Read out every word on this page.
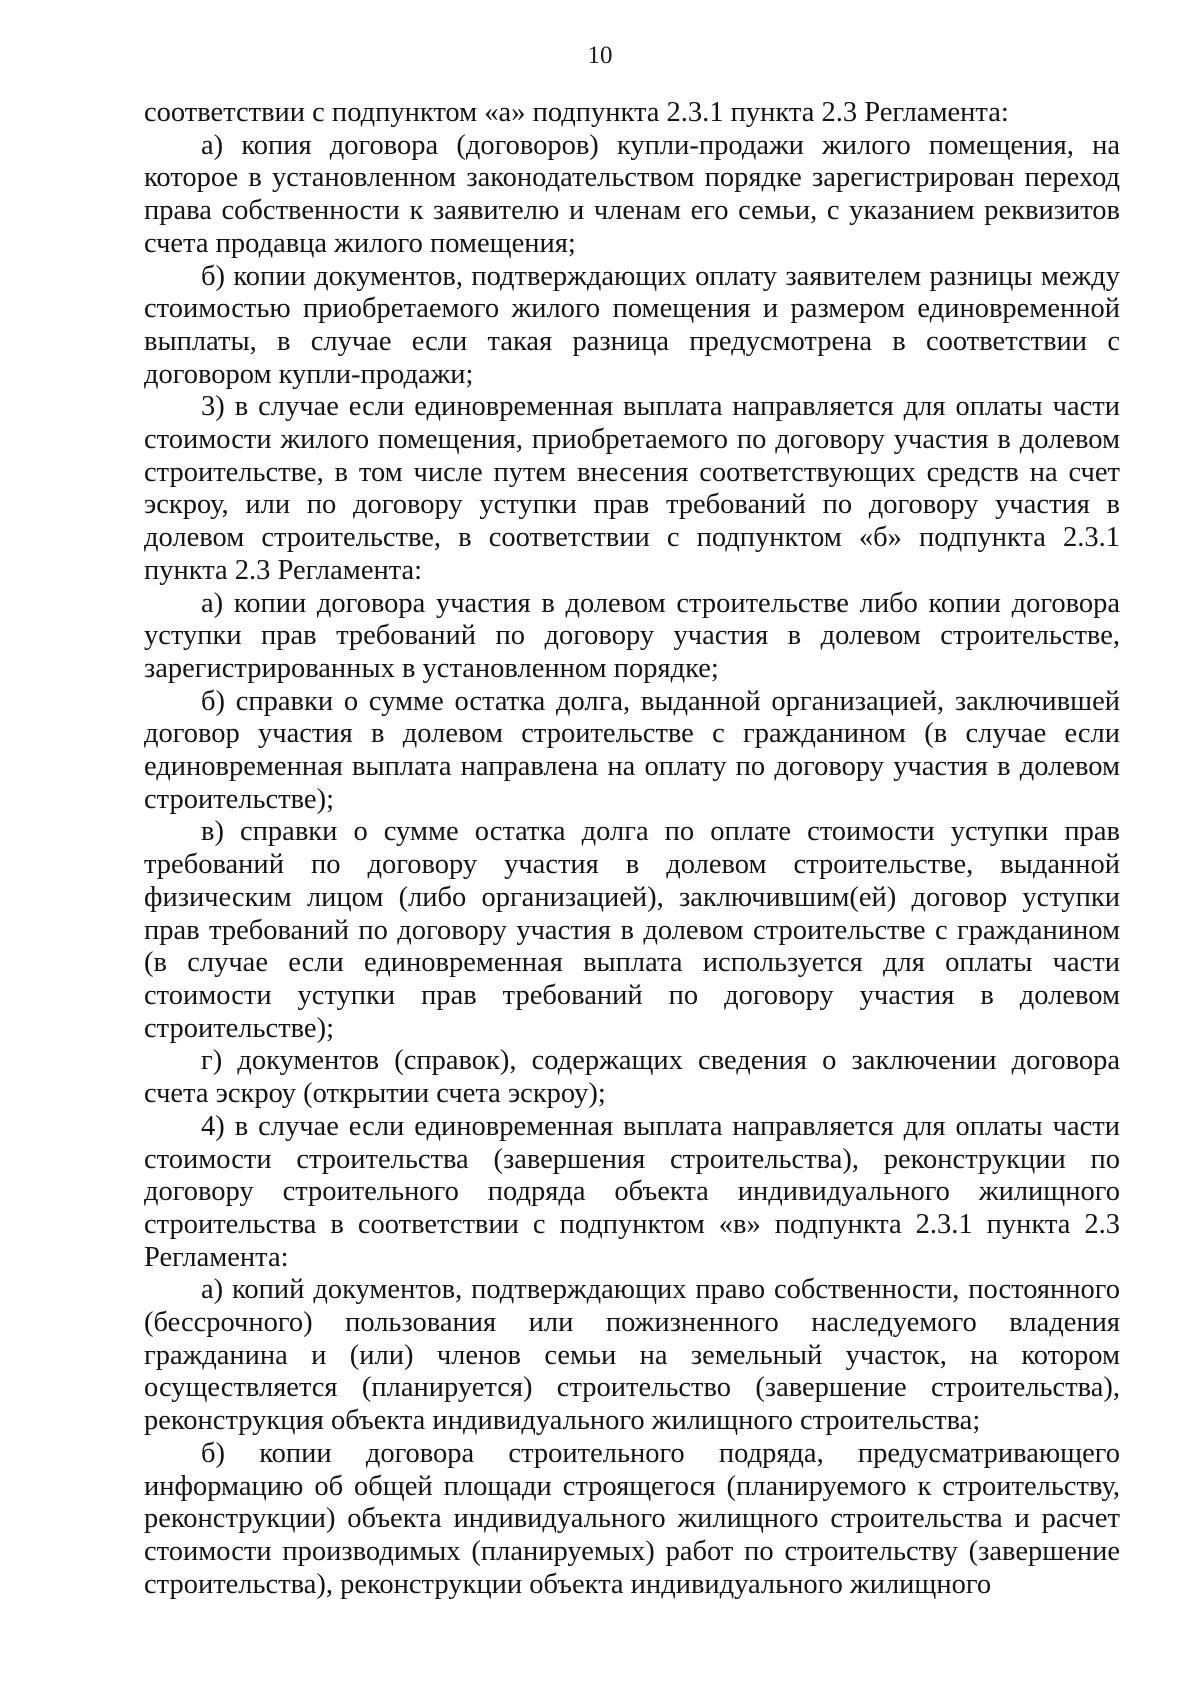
10

соответствии с подпунктом «а» подпункта 2.3.1 пункта 2.3 Регламента:

а) копия договора (договоров) купли-продажи жилого помещения, на которое в установленном законодательством порядке зарегистрирован переход права собственности к заявителю и членам его семьи, с указанием реквизитов счета продавца жилого помещения;

б) копии документов, подтверждающих оплату заявителем разницы между стоимостью приобретаемого жилого помещения и размером единовременной выплаты, в случае если такая разница предусмотрена в соответствии с договором купли-продажи;

3) в случае если единовременная выплата направляется для оплаты части стоимости жилого помещения, приобретаемого по договору участия в долевом строительстве, в том числе путем внесения соответствующих средств на счет эскроу, или по договору уступки прав требований по договору участия в долевом строительстве, в соответствии с подпунктом «б» подпункта 2.3.1 пункта 2.3 Регламента:

а) копии договора участия в долевом строительстве либо копии договора уступки прав требований по договору участия в долевом строительстве, зарегистрированных в установленном порядке;

б) справки о сумме остатка долга, выданной организацией, заключившей договор участия в долевом строительстве с гражданином (в случае если единовременная выплата направлена на оплату по договору участия в долевом строительстве);

в) справки о сумме остатка долга по оплате стоимости уступки прав требований по договору участия в долевом строительстве, выданной физическим лицом (либо организацией), заключившим(ей) договор уступки прав требований по договору участия в долевом строительстве с гражданином (в случае если единовременная выплата используется для оплаты части стоимости уступки прав требований по договору участия в долевом строительстве);

г) документов (справок), содержащих сведения о заключении договора счета эскроу (открытии счета эскроу);

4) в случае если единовременная выплата направляется для оплаты части стоимости строительства (завершения строительства), реконструкции по договору строительного подряда объекта индивидуального жилищного строительства в соответствии с подпунктом «в» подпункта 2.3.1 пункта 2.3 Регламента:

а) копий документов, подтверждающих право собственности, постоянного (бессрочного) пользования или пожизненного наследуемого владения гражданина и (или) членов семьи на земельный участок, на котором осуществляется (планируется) строительство (завершение строительства), реконструкция объекта индивидуального жилищного строительства;

б) копии договора строительного подряда, предусматривающего информацию об общей площади строящегося (планируемого к строительству, реконструкции) объекта индивидуального жилищного строительства и расчет стоимости производимых (планируемых) работ по строительству (завершение строительства), реконструкции объекта индивидуального жилищного
